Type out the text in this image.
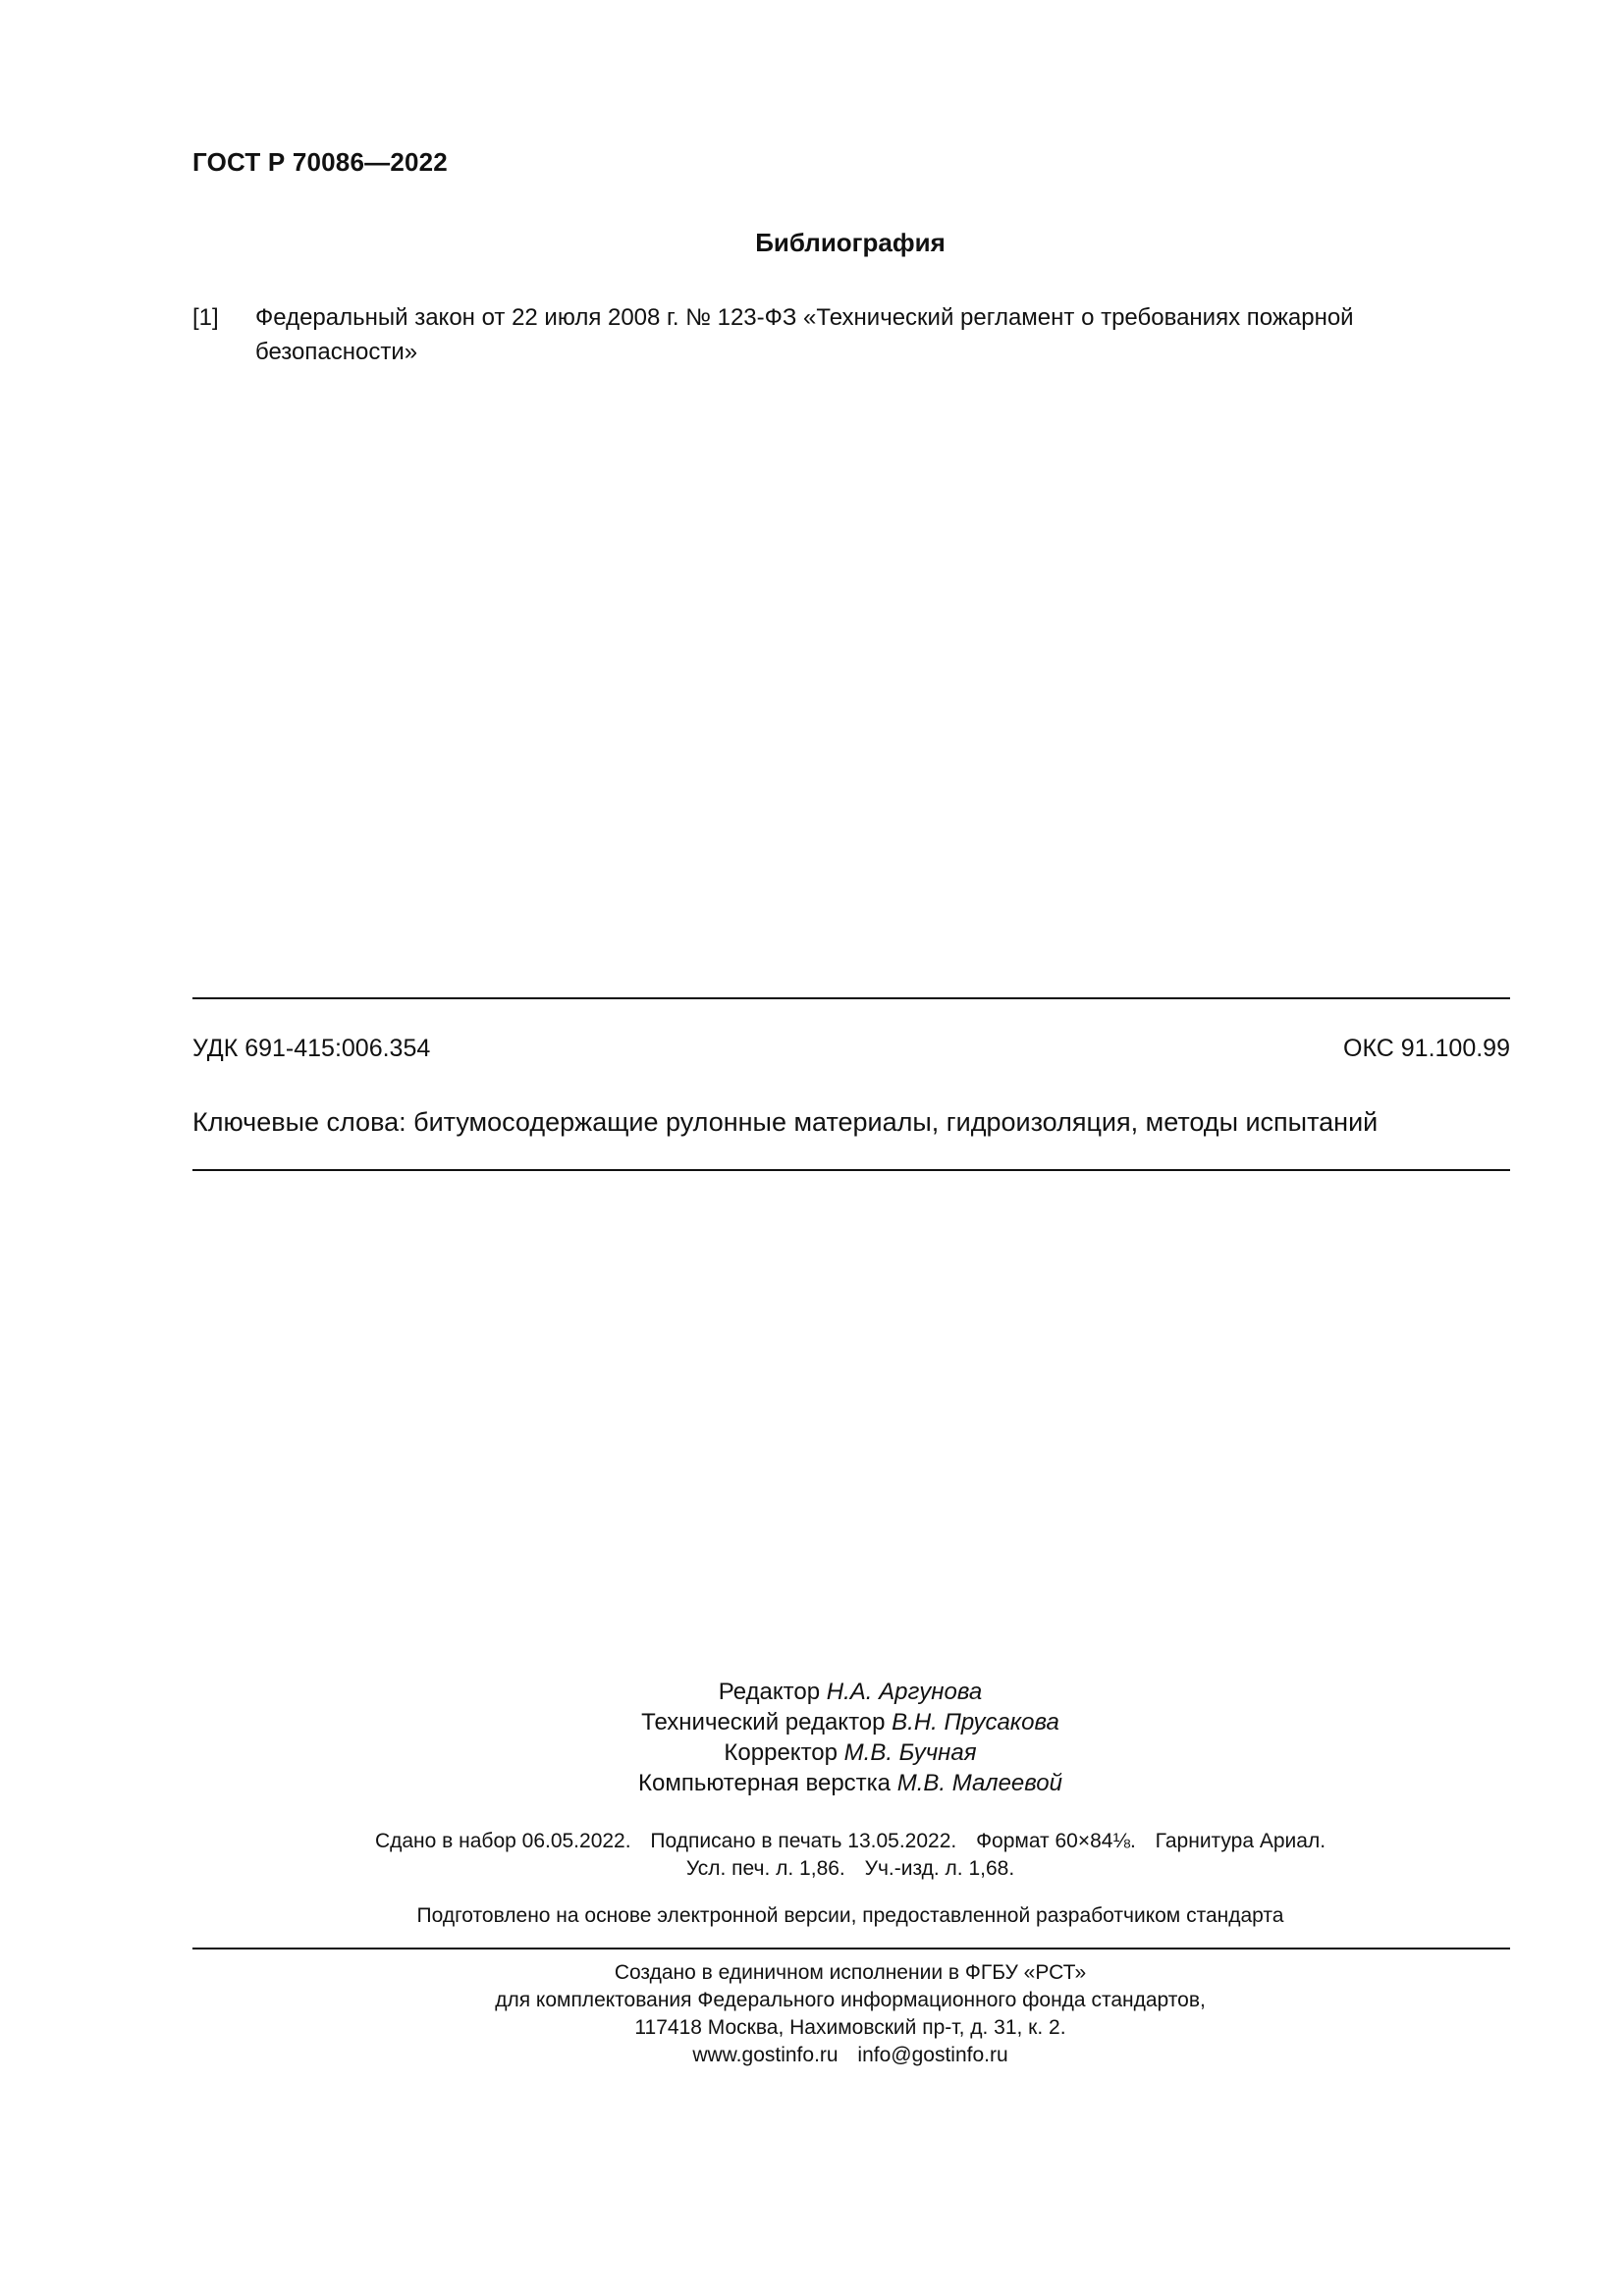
ГОСТ Р 70086—2022
Библиография
[1] Федеральный закон от 22 июля 2008 г. № 123-ФЗ «Технический регламент о требованиях пожарной безопасности»
УДК 691-415:006.354	ОКС 91.100.99
Ключевые слова: битумосодержащие рулонные материалы, гидроизоляция, методы испытаний
Редактор Н.А. Аргунова
Технический редактор В.Н. Прусакова
Корректор М.В. Бучная
Компьютерная верстка М.В. Малеевой
Сдано в набор 06.05.2022. Подписано в печать 13.05.2022. Формат 60×84⅛. Гарнитура Ариал.
Усл. печ. л. 1,86. Уч.-изд. л. 1,68.
Подготовлено на основе электронной версии, предоставленной разработчиком стандарта
Создано в единичном исполнении в ФГБУ «РСТ»
для комплектования Федерального информационного фонда стандартов,
117418 Москва, Нахимовский пр-т, д. 31, к. 2.
www.gostinfo.ru info@gostinfo.ru
